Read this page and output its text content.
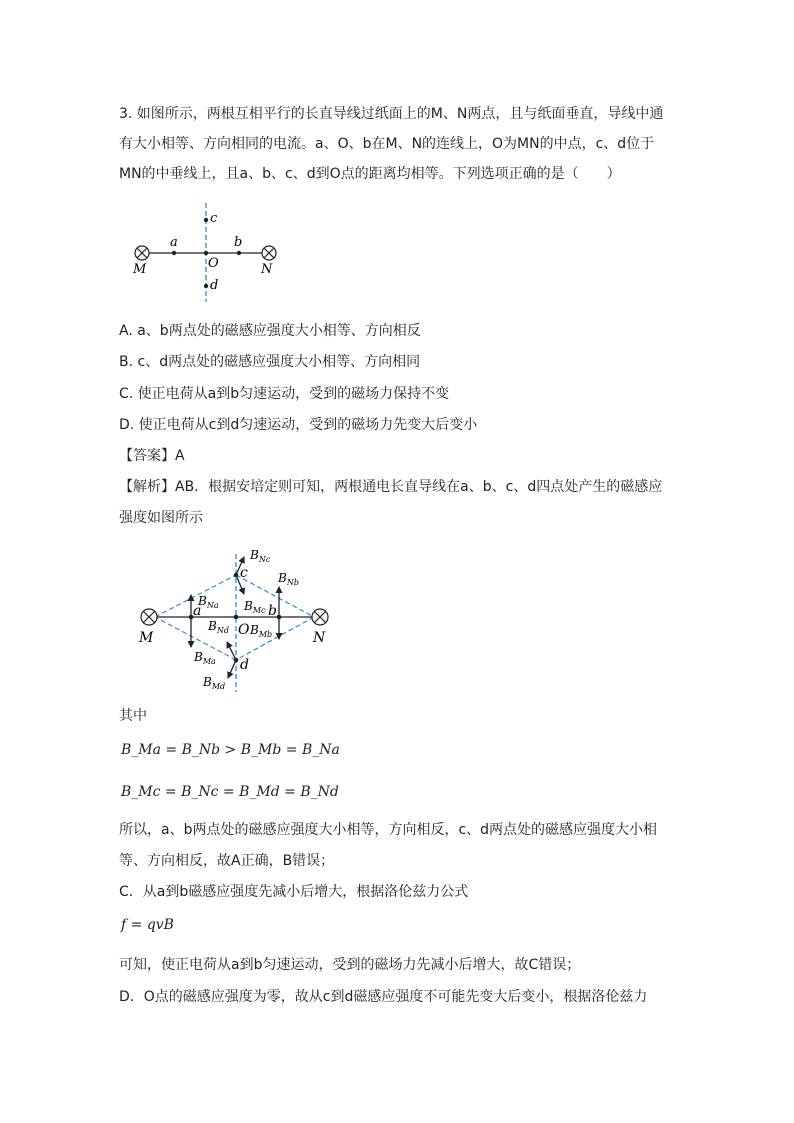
3. 如图所示，两根互相平行的长直导线过纸面上的M、N两点，且与纸面垂直，导线中通
有大小相等、方向相同的电流。a、O、b在M、N的连线上，O为MN的中点，c、d位于
MN的中垂线上，且a、b、c、d到O点的距离均相等。下列选项正确的是（　　）
M	N
a	b
O
c
d
A. a、b两点处的磁感应强度大小相等、方向相反
B. c、d两点处的磁感应强度大小相等、方向相同
C. 使正电荷从a到b匀速运动，受到的磁场力保持不变
D. 使正电荷从c到d匀速运动，受到的磁场力先变大后变小
【答案】A
【解析】AB．根据安培定则可知，两根通电长直导线在a、b、c、d四点处产生的磁感应
强度如图所示
M	N
a	b
O
c
d
$B_{Nc}$
$B_{Nb}$
$B_{Na}$ $B_{Mc}$
$B_{Nd}$ $B_{Mb}$
$B_{Ma}$
$B_{Md}$
其中
B_Ma = B_Nb > B_Mb = B_Na
B_Mc = B_Nc = B_Md = B_Nd
所以，a、b两点处的磁感应强度大小相等，方向相反，c、d两点处的磁感应强度大小相
等、方向相反，故A正确，B错误；
C．从a到b磁感应强度先减小后增大，根据洛伦兹力公式
f = qvB
可知，使正电荷从a到b匀速运动，受到的磁场力先减小后增大，故C错误；
D．O点的磁感应强度为零，故从c到d磁感应强度不可能先变大后变小，根据洛伦兹力
